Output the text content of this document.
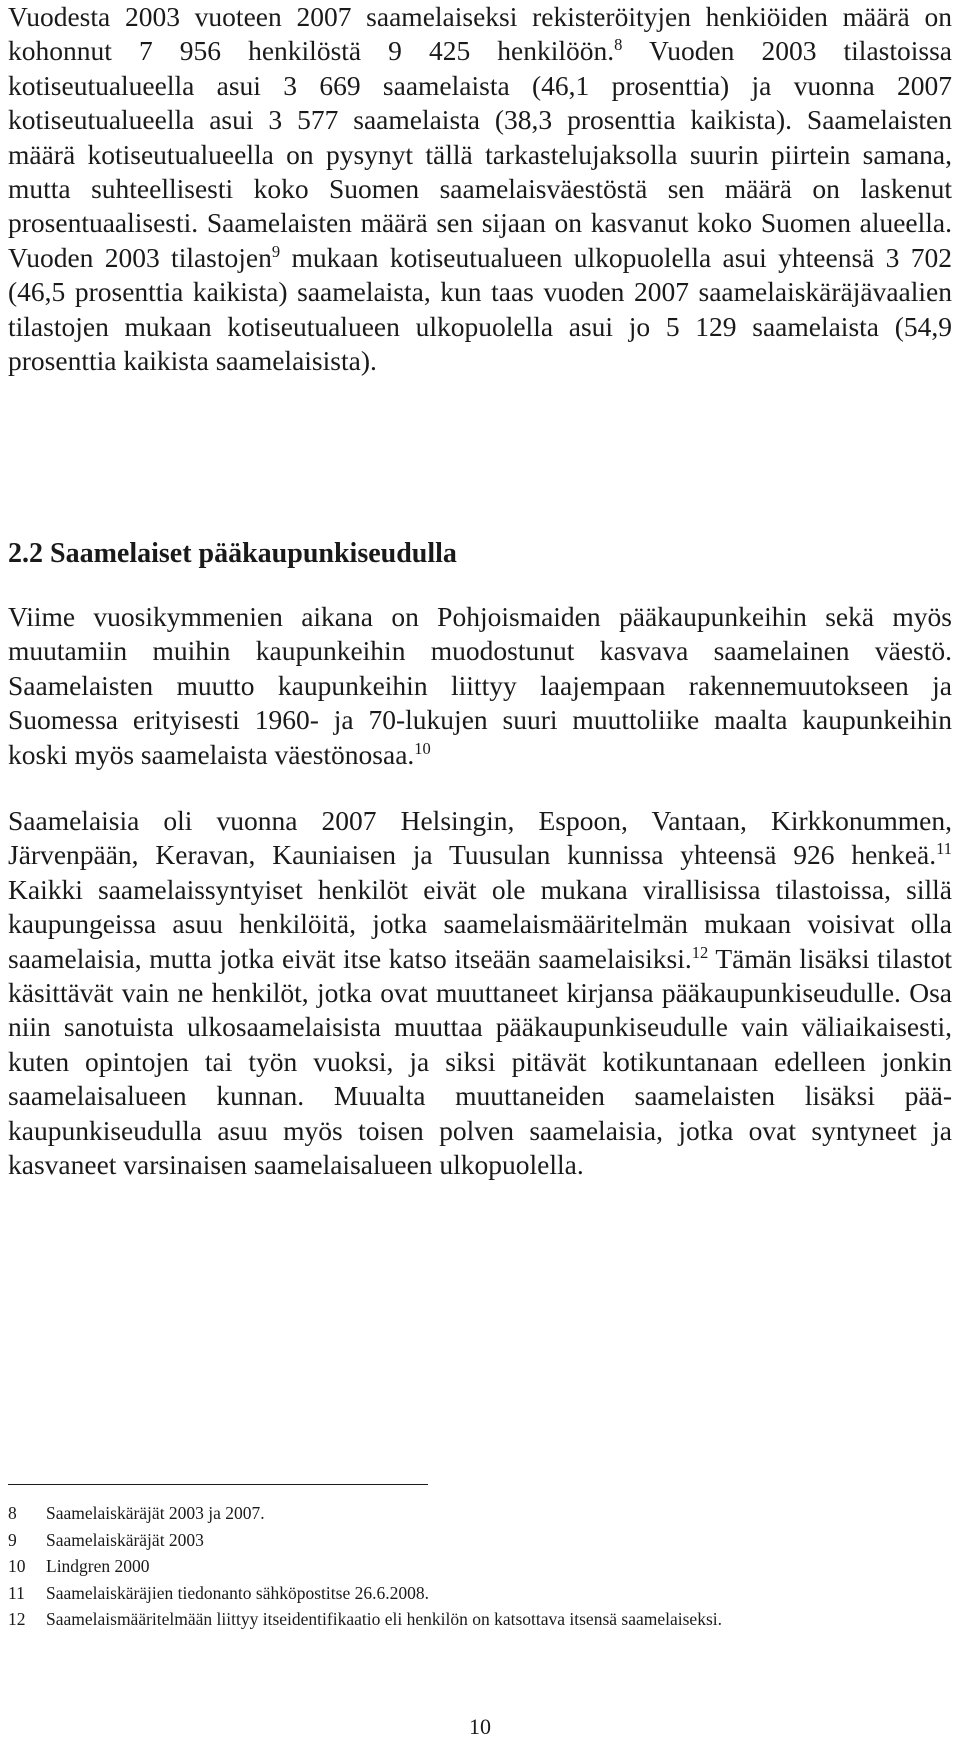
Vuodesta 2003 vuoteen 2007 saamelaiseksi rekisteröityjen henkiöiden määrä on kohonnut 7 956 henkilöstä 9 425 henkilöön.$^8$ Vuoden 2003 tilastoissa kotiseutualueella asui 3 669 saamelaista (46,1 prosenttia) ja vuonna 2007 kotiseutualueella asui 3 577 saamelaista (38,3 prosenttia kaikista). Saamelaisten määrä kotiseutualueella on pysynyt tällä tarkastelujaksolla suurin piirtein samana, mutta suhteellisesti koko Suomen saamelaisväestöstä sen määrä on laskenut prosentuaalisesti. Saamelaisten määrä sen sijaan on kasvanut koko Suomen alueella. Vuoden 2003 tilastojen$^9$ mukaan kotiseutualueen ulkopuolella asui yhteensä 3 702 (46,5 prosenttia kaikista) saamelaista, kun taas vuoden 2007 saamelaiskäräjävaalien tilastojen mukaan kotiseutualueen ulkopuolella asui jo 5 129 saamelaista (54,9 prosenttia kaikista saamelaisista).

2.2 Saamelaiset pääkaupunkiseudulla

Viime vuosikymmenien aikana on Pohjoismaiden pääkaupunkeihin sekä myös muutamiin muihin kaupunkeihin muodostunut kasvava saamelainen väestö. Saamelaisten muutto kaupunkeihin liittyy laajempaan rakennemuutokseen ja Suomessa erityisesti 1960- ja 70-lukujen suuri muuttoliike maalta kaupunkeihin koski myös saamelaista väestönosaa.$^{10}$

Saamelaisia oli vuonna 2007 Helsingin, Espoon, Vantaan, Kirkkonummen, Järvenpään, Keravan, Kauniaisen ja Tuusulan kunnissa yhteensä 926 henkeä.$^{11}$ Kaikki saamelaissyntyiset henkilöt eivät ole mukana virallisissa tilastoissa, sillä kaupungeissa asuu henkilöitä, jotka saamelaismääritelmän mukaan voisivat olla saamelaisia, mutta jotka eivät itse katso itseään saamelaisiksi.$^{12}$ Tämän lisäksi tilastot käsittävät vain ne henkilöt, jotka ovat muuttaneet kirjansa pääkaupunkiseudulle. Osa niin sanotuista ulkosaamelaisista muuttaa pääkaupunkiseudulle vain väliaikaisesti, kuten opintojen tai työn vuoksi, ja siksi pitävät kotikuntanaan edelleen jonkin saamelaisalueen kunnan. Muualta muuttaneiden saamelaisten lisäksi pääkaupunkiseudulla asuu myös toisen polven saamelaisia, jotka ovat syntyneet ja kasvaneet varsinaisen saamelaisalueen ulkopuolella.

8	Saamelaiskäräjät 2003 ja 2007.
9	Saamelaiskäräjät 2003
10	Lindgren 2000
11	Saamelaiskäräjien tiedonanto sähköpostitse 26.6.2008.
12	Saamelaismääritelmään liittyy itseidentifikaatio eli henkilön on katsottava itsensä saamelaiseksi.
10
